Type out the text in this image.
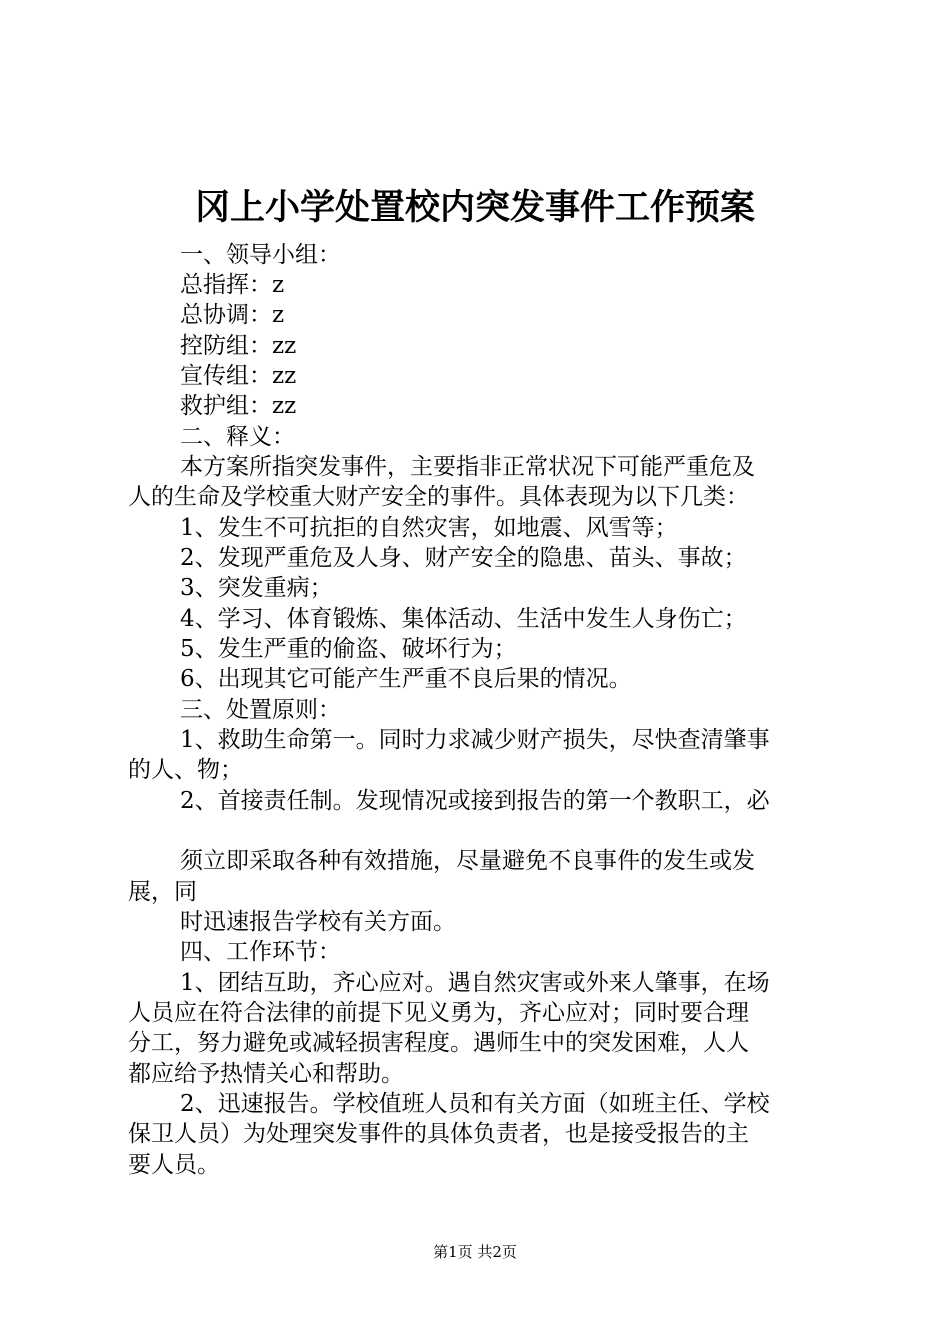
冈上小学处置校内突发事件工作预案
一、领导小组：
总指挥：z
总协调：z
控防组：zz
宣传组：zz
救护组：zz
二、释义：
本方案所指突发事件，主要指非正常状况下可能严重危及
人的生命及学校重大财产安全的事件。具体表现为以下几类：
1、发生不可抗拒的自然灾害，如地震、风雪等；
2、发现严重危及人身、财产安全的隐患、苗头、事故；
3、突发重病；
4、学习、体育锻炼、集体活动、生活中发生人身伤亡；
5、发生严重的偷盗、破坏行为；
6、出现其它可能产生严重不良后果的情况。
三、处置原则：
1、救助生命第一。同时力求减少财产损失，尽快查清肇事
的人、物；
2、首接责任制。发现情况或接到报告的第一个教职工，必
须立即采取各种有效措施，尽量避免不良事件的发生或发
展，同
时迅速报告学校有关方面。
四、工作环节：
1、团结互助，齐心应对。遇自然灾害或外来人肇事，在场
人员应在符合法律的前提下见义勇为，齐心应对；同时要合理
分工，努力避免或减轻损害程度。遇师生中的突发困难，人人
都应给予热情关心和帮助。
2、迅速报告。学校值班人员和有关方面（如班主任、学校
保卫人员）为处理突发事件的具体负责者，也是接受报告的主
要人员。
第1页 共2页
